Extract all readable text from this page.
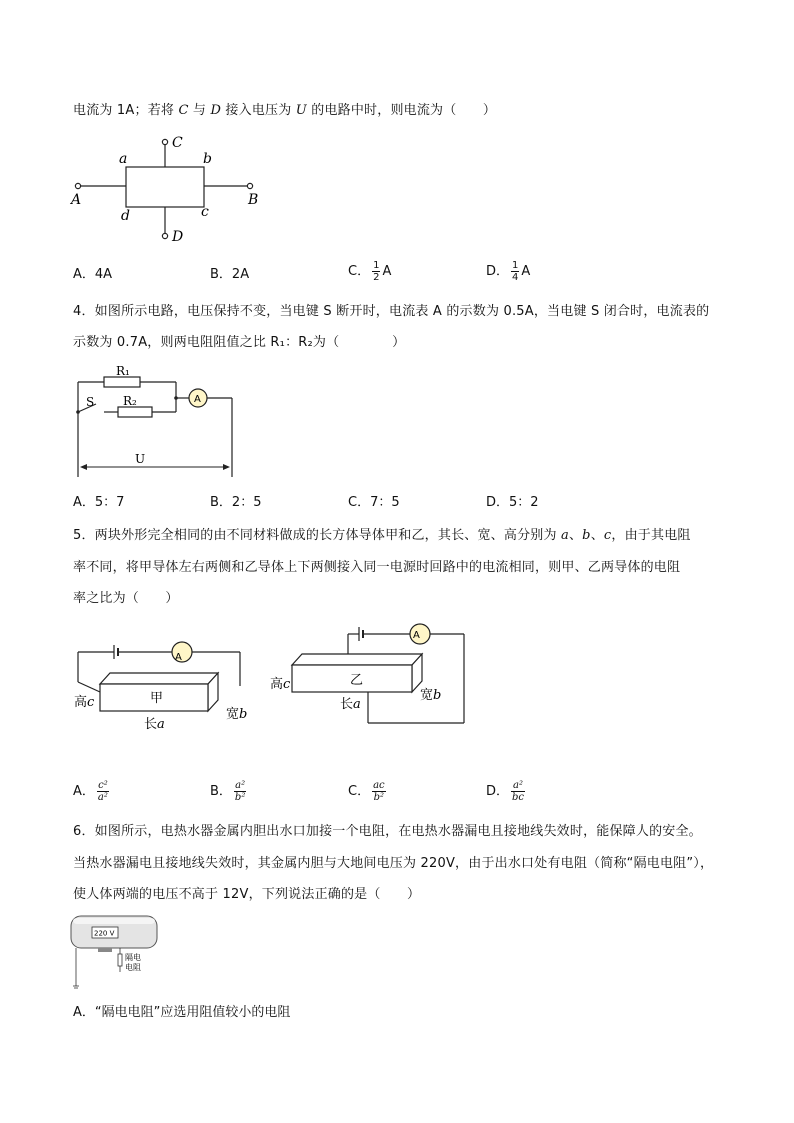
电流为 1A；若将 C 与 D 接入电压为 U 的电路中时，则电流为（　　）
a	b
c
d
A	B
C
D
A．4A	B．2A	C． $\frac{1}{2}$ A	D． $\frac{1}{4}$ A
4．如图所示电路，电压保持不变，当电键 S 断开时，电流表 A 的示数为 0.5A，当电键 S 闭合时，电流表的
示数为 0.7A，则两电阻阻值之比 R₁：R₂为（　　　　）
R₁
R₂
S	A
U
A．5：7	B．2：5	C．7：5	D．5：2
5．两块外形完全相同的由不同材料做成的长方体导体甲和乙，其长、宽、高分别为 a、b、c，由于其电阻
率不同，将甲导体左右两侧和乙导体上下两侧接入同一电源时回路中的电流相同，则甲、乙两导体的电阻
率之比为（　　）
甲
A
高c
长a
宽b
乙
A
高c
长a
宽b
A． $\frac{\text{c²}}{\text{a²}}$	B． $\frac{\text{a²}}{\text{b²}}$	C． $\frac{ac}{\text{b²}}$	D． $\frac{\text{a²}}{bc}$
6．如图所示，电热水器金属内胆出水口加接一个电阻，在电热水器漏电且接地线失效时，能保障人的安全。
当热水器漏电且接地线失效时，其金属内胆与大地间电压为 220V，由于出水口处有电阻（简称“隔电电阻”），
使人体两端的电压不高于 12V，下列说法正确的是（　　）
220 V
隔电
电阻
A．“隔电电阻”应选用阻值较小的电阻
